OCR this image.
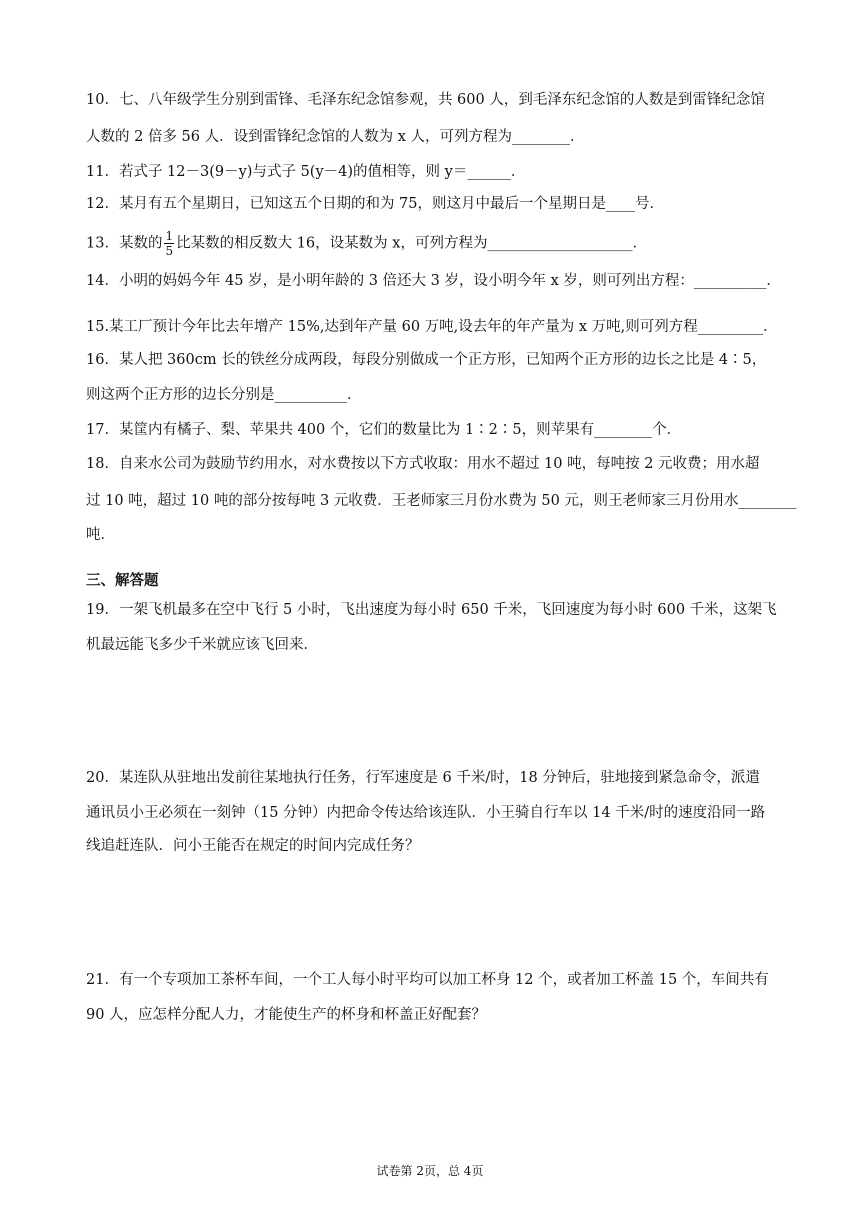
10．七、八年级学生分别到雷锋、毛泽东纪念馆参观，共 600 人，到毛泽东纪念馆的人数是到雷锋纪念馆
人数的 2 倍多 56 人．设到雷锋纪念馆的人数为 x 人，可列方程为________．
11．若式子 12－3(9－y)与式子 5(y－4)的值相等，则 y＝______．
12．某月有五个星期日，已知这五个日期的和为 75，则这月中最后一个星期日是____号．
13．某数的 $\frac{1}{5}$ 比某数的相反数大 16，设某数为 x，可列方程为____________________．
14．小明的妈妈今年 45 岁，是小明年龄的 3 倍还大 3 岁，设小明今年 x 岁，则可列出方程：__________．
15.某工厂预计今年比去年增产 15%,达到年产量 60 万吨,设去年的年产量为 x 万吨,则可列方程_________．
16．某人把 360cm 长的铁丝分成两段，每段分别做成一个正方形，已知两个正方形的边长之比是 4∶5，
则这两个正方形的边长分别是__________．
17．某筐内有橘子、梨、苹果共 400 个，它们的数量比为 1∶2∶5，则苹果有________个．
18．自来水公司为鼓励节约用水，对水费按以下方式收取：用水不超过 10 吨，每吨按 2 元收费；用水超
过 10 吨，超过 10 吨的部分按每吨 3 元收费．王老师家三月份水费为 50 元，则王老师家三月份用水________
吨．
三、解答题
19．一架飞机最多在空中飞行 5 小时，飞出速度为每小时 650 千米，飞回速度为每小时 600 千米，这架飞
机最远能飞多少千米就应该飞回来．
20．某连队从驻地出发前往某地执行任务，行军速度是 6 千米/时，18 分钟后，驻地接到紧急命令，派遣
通讯员小王必须在一刻钟（15 分钟）内把命令传达给该连队．小王骑自行车以 14 千米/时的速度沿同一路
线追赶连队．问小王能否在规定的时间内完成任务？
21．有一个专项加工茶杯车间，一个工人每小时平均可以加工杯身 12 个，或者加工杯盖 15 个，车间共有
90 人，应怎样分配人力，才能使生产的杯身和杯盖正好配套？
试卷第 2页，总 4页
